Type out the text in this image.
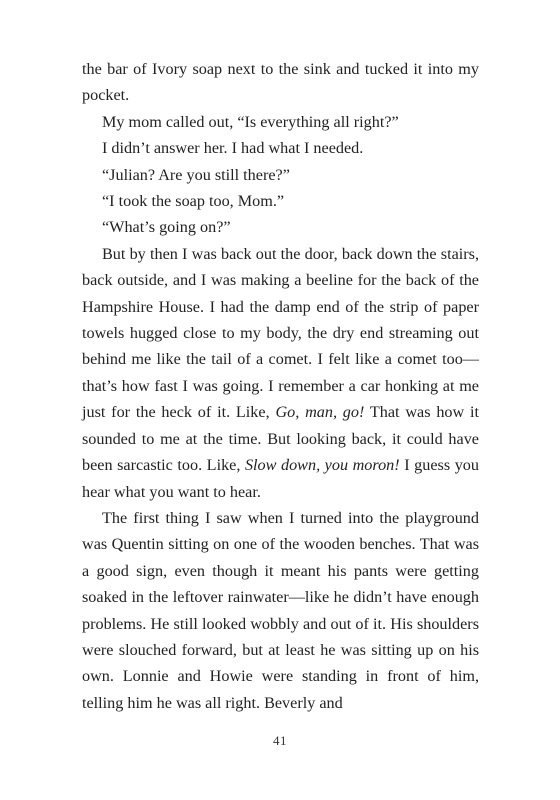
the bar of Ivory soap next to the sink and tucked it into my pocket.

My mom called out, “Is everything all right?”

I didn’t answer her. I had what I needed.

“Julian? Are you still there?”

“I took the soap too, Mom.”

“What’s going on?”

But by then I was back out the door, back down the stairs, back outside, and I was making a beeline for the back of the Hampshire House. I had the damp end of the strip of paper towels hugged close to my body, the dry end streaming out behind me like the tail of a comet. I felt like a comet too—that’s how fast I was going. I remember a car honking at me just for the heck of it. Like, Go, man, go! That was how it sounded to me at the time. But looking back, it could have been sarcastic too. Like, Slow down, you moron! I guess you hear what you want to hear.

The first thing I saw when I turned into the playground was Quentin sitting on one of the wooden benches. That was a good sign, even though it meant his pants were getting soaked in the leftover rainwater—like he didn’t have enough problems. He still looked wobbly and out of it. His shoulders were slouched forward, but at least he was sitting up on his own. Lonnie and Howie were standing in front of him, telling him he was all right. Beverly and

41
